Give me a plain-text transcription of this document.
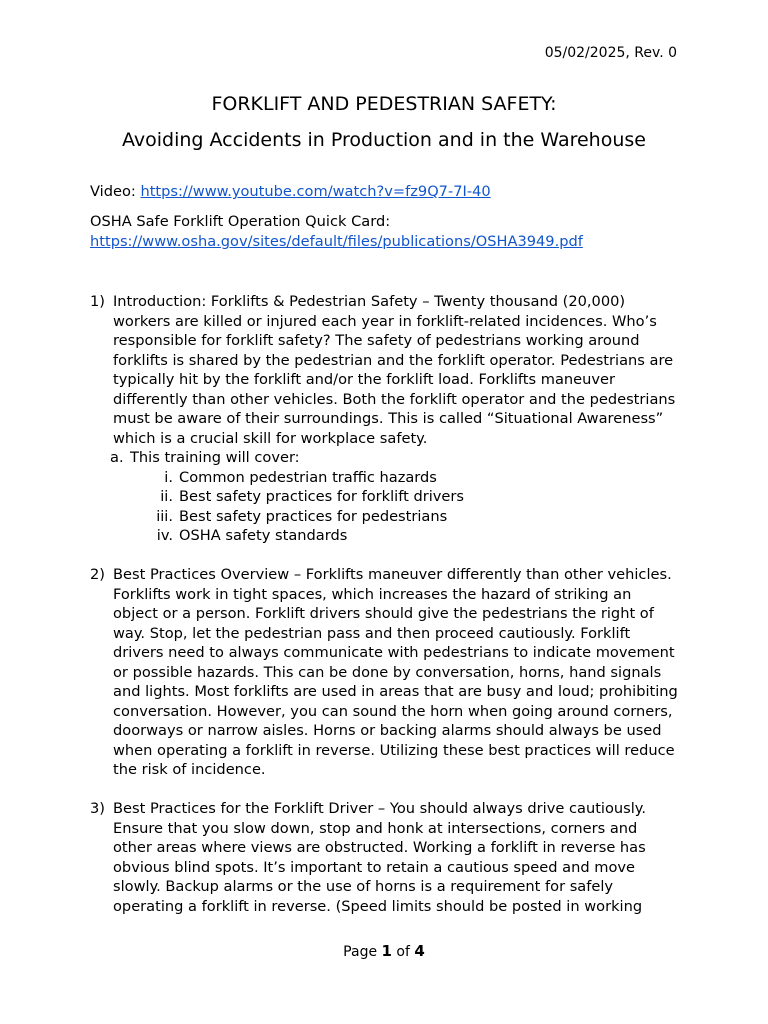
05/02/2025, Rev. 0
FORKLIFT AND PEDESTRIAN SAFETY:
Avoiding Accidents in Production and in the Warehouse
Video: https://www.youtube.com/watch?v=fz9Q7-7I-40
OSHA Safe Forklift Operation Quick Card:
https://www.osha.gov/sites/default/files/publications/OSHA3949.pdf
1) Introduction: Forklifts & Pedestrian Safety – Twenty thousand (20,000) workers are killed or injured each year in forklift-related incidences. Who’s responsible for forklift safety? The safety of pedestrians working around forklifts is shared by the pedestrian and the forklift operator. Pedestrians are typically hit by the forklift and/or the forklift load. Forklifts maneuver differently than other vehicles. Both the forklift operator and the pedestrians must be aware of their surroundings. This is called “Situational Awareness” which is a crucial skill for workplace safety.
a. This training will cover:
i. Common pedestrian traffic hazards
ii. Best safety practices for forklift drivers
iii. Best safety practices for pedestrians
iv. OSHA safety standards
2) Best Practices Overview – Forklifts maneuver differently than other vehicles. Forklifts work in tight spaces, which increases the hazard of striking an object or a person. Forklift drivers should give the pedestrians the right of way. Stop, let the pedestrian pass and then proceed cautiously. Forklift drivers need to always communicate with pedestrians to indicate movement or possible hazards. This can be done by conversation, horns, hand signals and lights. Most forklifts are used in areas that are busy and loud; prohibiting conversation. However, you can sound the horn when going around corners, doorways or narrow aisles. Horns or backing alarms should always be used when operating a forklift in reverse. Utilizing these best practices will reduce the risk of incidence.
3) Best Practices for the Forklift Driver – You should always drive cautiously. Ensure that you slow down, stop and honk at intersections, corners and other areas where views are obstructed. Working a forklift in reverse has obvious blind spots. It’s important to retain a cautious speed and move slowly. Backup alarms or the use of horns is a requirement for safely operating a forklift in reverse. (Speed limits should be posted in working
Page 1 of 4
